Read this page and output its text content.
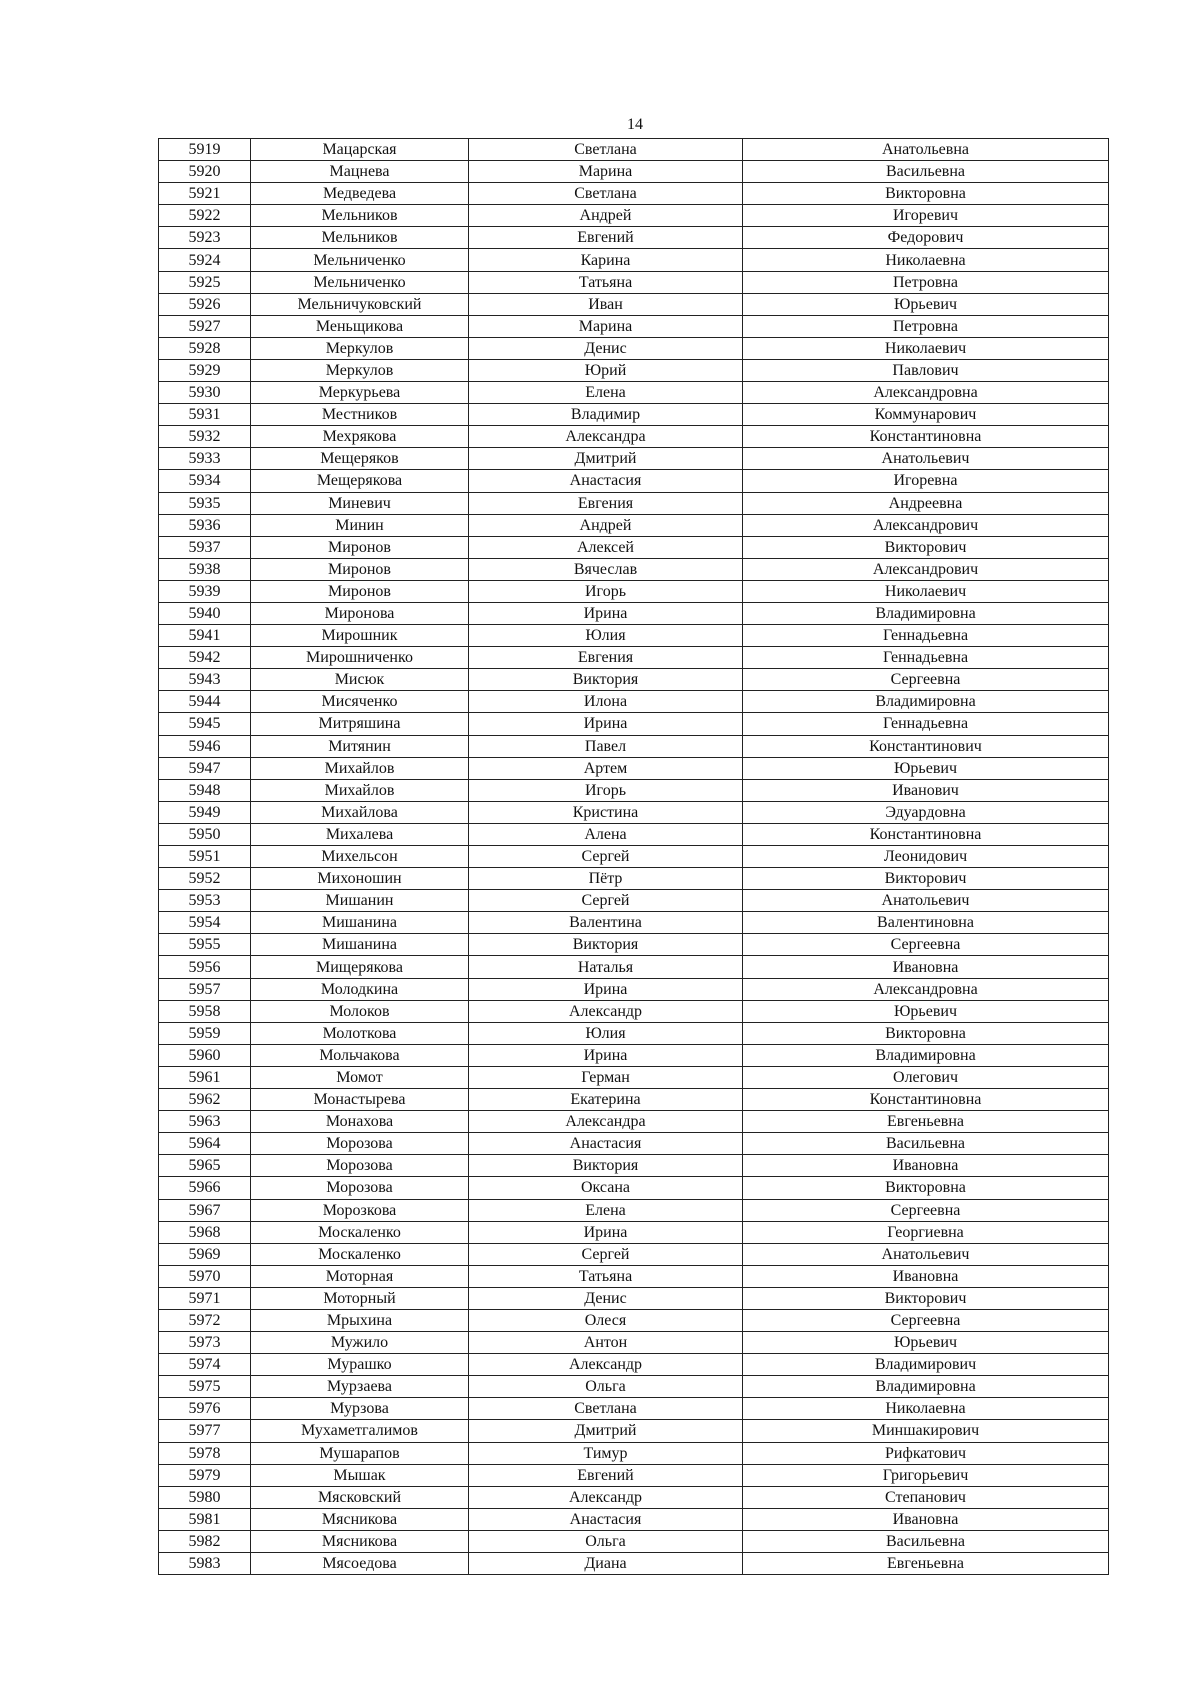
14
5919	Мацарская	Светлана	Анатольевна
5920	Мацнева	Марина	Васильевна
5921	Медведева	Светлана	Викторовна
5922	Мельников	Андрей	Игоревич
5923	Мельников	Евгений	Федорович
5924	Мельниченко	Карина	Николаевна
5925	Мельниченко	Татьяна	Петровна
5926	Мельничуковский	Иван	Юрьевич
5927	Меньщикова	Марина	Петровна
5928	Меркулов	Денис	Николаевич
5929	Меркулов	Юрий	Павлович
5930	Меркурьева	Елена	Александровна
5931	Местников	Владимир	Коммунарович
5932	Мехрякова	Александра	Константиновна
5933	Мещеряков	Дмитрий	Анатольевич
5934	Мещерякова	Анастасия	Игоревна
5935	Миневич	Евгения	Андреевна
5936	Минин	Андрей	Александрович
5937	Миронов	Алексей	Викторович
5938	Миронов	Вячеслав	Александрович
5939	Миронов	Игорь	Николаевич
5940	Миронова	Ирина	Владимировна
5941	Мирошник	Юлия	Геннадьевна
5942	Мирошниченко	Евгения	Геннадьевна
5943	Мисюк	Виктория	Сергеевна
5944	Мисяченко	Илона	Владимировна
5945	Митряшина	Ирина	Геннадьевна
5946	Митянин	Павел	Константинович
5947	Михайлов	Артем	Юрьевич
5948	Михайлов	Игорь	Иванович
5949	Михайлова	Кристина	Эдуардовна
5950	Михалева	Алена	Константиновна
5951	Михельсон	Сергей	Леонидович
5952	Михоношин	Пётр	Викторович
5953	Мишанин	Сергей	Анатольевич
5954	Мишанина	Валентина	Валентиновна
5955	Мишанина	Виктория	Сергеевна
5956	Мищерякова	Наталья	Ивановна
5957	Молодкина	Ирина	Александровна
5958	Молоков	Александр	Юрьевич
5959	Молоткова	Юлия	Викторовна
5960	Мольчакова	Ирина	Владимировна
5961	Момот	Герман	Олегович
5962	Монастырева	Екатерина	Константиновна
5963	Монахова	Александра	Евгеньевна
5964	Морозова	Анастасия	Васильевна
5965	Морозова	Виктория	Ивановна
5966	Морозова	Оксана	Викторовна
5967	Морозкова	Елена	Сергеевна
5968	Москаленко	Ирина	Георгиевна
5969	Москаленко	Сергей	Анатольевич
5970	Моторная	Татьяна	Ивановна
5971	Моторный	Денис	Викторович
5972	Мрыхина	Олеся	Сергеевна
5973	Мужило	Антон	Юрьевич
5974	Мурашко	Александр	Владимирович
5975	Мурзаева	Ольга	Владимировна
5976	Мурзова	Светлана	Николаевна
5977	Мухаметгалимов	Дмитрий	Миншакирович
5978	Мушарапов	Тимур	Рифкатович
5979	Мышак	Евгений	Григорьевич
5980	Мясковский	Александр	Степанович
5981	Мясникова	Анастасия	Ивановна
5982	Мясникова	Ольга	Васильевна
5983	Мясоедова	Диана	Евгеньевна
